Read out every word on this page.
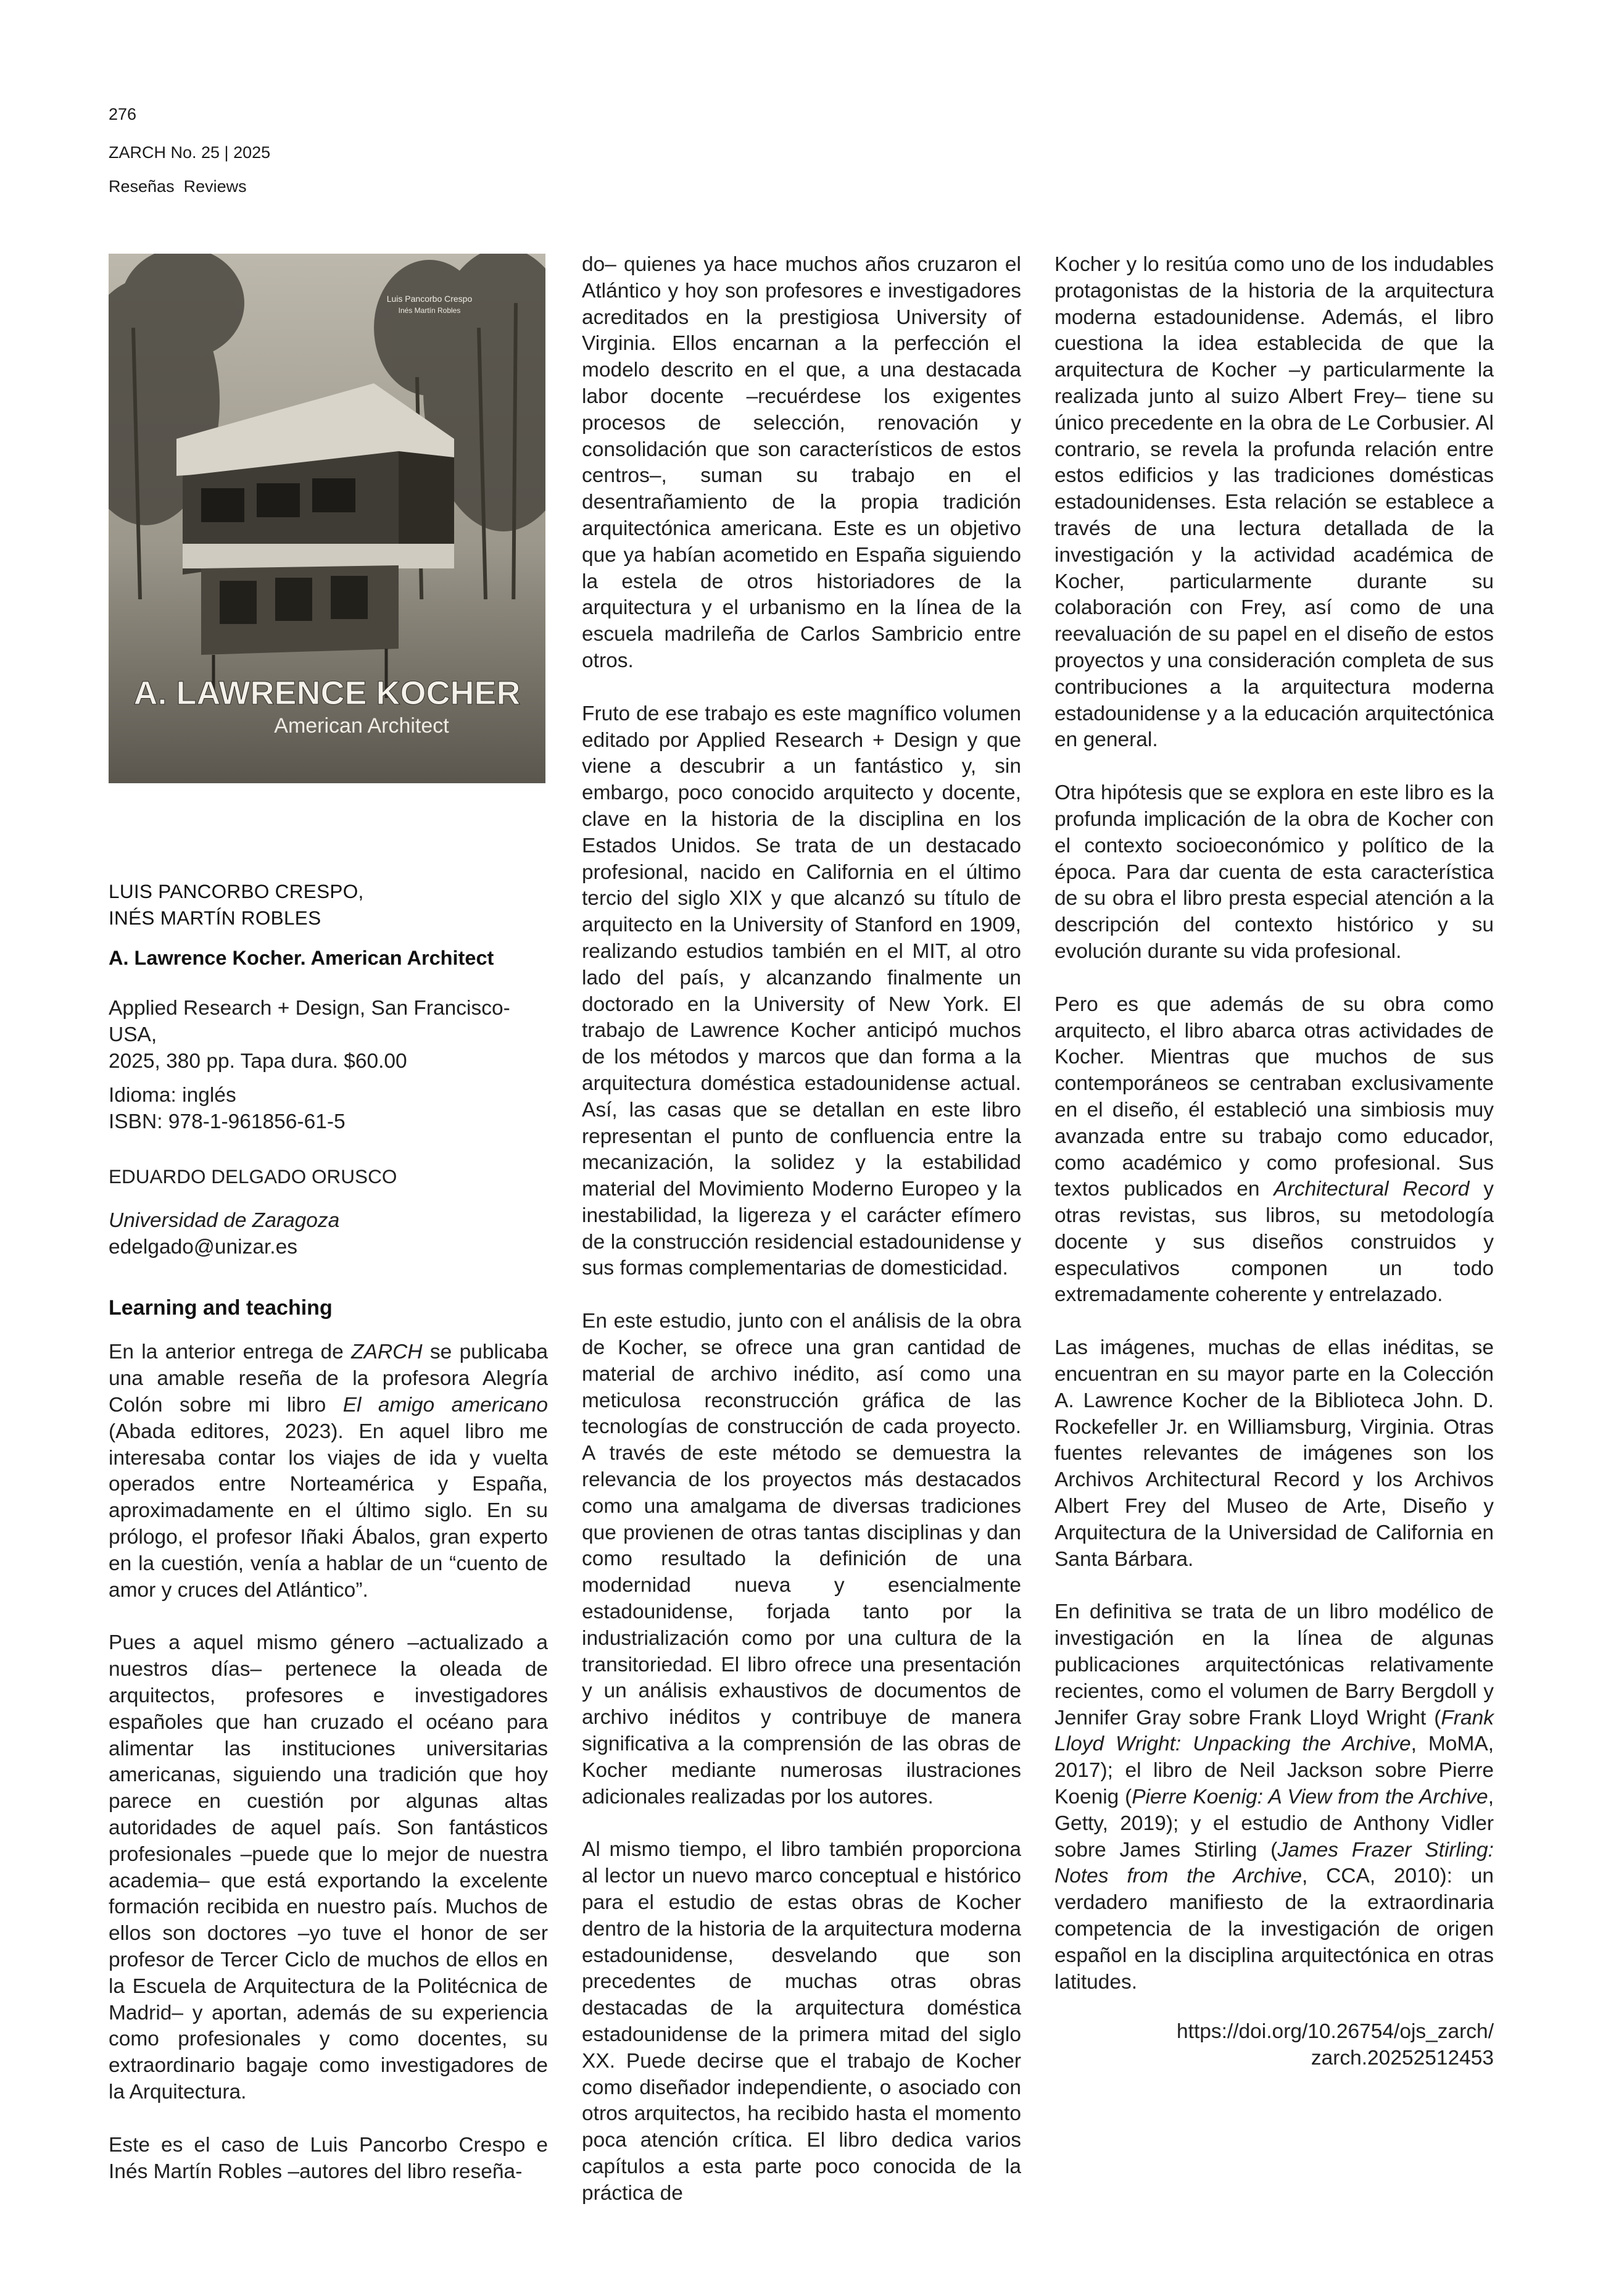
276
ZARCH No. 25 | 2025
Reseñas  Reviews
Luis Pancorbo Crespo
Inés Martín Robles
A. LAWRENCE KOCHER
American Architect
LUIS PANCORBO CRESPO,
INÉS MARTÍN ROBLES
A. Lawrence Kocher. American Architect
Applied Research + Design, San Francisco-USA,
2025, 380 pp. Tapa dura. $60.00
Idioma: inglés
ISBN: 978-1-961856-61-5
EDUARDO DELGADO ORUSCO
Universidad de Zaragoza
edelgado@unizar.es
Learning and teaching

En la anterior entrega de ZARCH se publicaba una amable reseña de la profesora Alegría Colón sobre mi libro El amigo americano (Abada editores, 2023). En aquel libro me interesaba contar los viajes de ida y vuelta operados entre Norteamérica y España, aproximadamente en el último siglo. En su prólogo, el profesor Iñaki Ábalos, gran experto en la cuestión, venía a hablar de un “cuento de amor y cruces del Atlántico”.

Pues a aquel mismo género –actualizado a nuestros días– pertenece la oleada de arquitectos, profesores e investigadores españoles que han cruzado el océano para alimentar las instituciones universitarias americanas, siguiendo una tradición que hoy parece en cuestión por algunas altas autoridades de aquel país. Son fantásticos profesionales –puede que lo mejor de nuestra academia– que está exportando la excelente formación recibida en nuestro país. Muchos de ellos son doctores –yo tuve el honor de ser profesor de Tercer Ciclo de muchos de ellos en la Escuela de Arquitectura de la Politécnica de Madrid– y aportan, además de su experiencia como profesionales y como docentes, su extraordinario bagaje como investigadores de la Arquitectura.

Este es el caso de Luis Pancorbo Crespo e Inés Martín Robles –autores del libro reseña-

do– quienes ya hace muchos años cruzaron el Atlántico y hoy son profesores e investigadores acreditados en la prestigiosa University of Virginia. Ellos encarnan a la perfección el modelo descrito en el que, a una destacada labor docente –recuérdese los exigentes procesos de selección, renovación y consolidación que son característicos de estos centros–, suman su trabajo en el desentrañamiento de la propia tradición arquitectónica americana. Este es un objetivo que ya habían acometido en España siguiendo la estela de otros historiadores de la arquitectura y el urbanismo en la línea de la escuela madrileña de Carlos Sambricio entre otros.

Fruto de ese trabajo es este magnífico volumen editado por Applied Research + Design y que viene a descubrir a un fantástico y, sin embargo, poco conocido arquitecto y docente, clave en la historia de la disciplina en los Estados Unidos. Se trata de un destacado profesional, nacido en California en el último tercio del siglo XIX y que alcanzó su título de arquitecto en la University of Stanford en 1909, realizando estudios también en el MIT, al otro lado del país, y alcanzando finalmente un doctorado en la University of New York. El trabajo de Lawrence Kocher anticipó muchos de los métodos y marcos que dan forma a la arquitectura doméstica estadounidense actual. Así, las casas que se detallan en este libro representan el punto de confluencia entre la mecanización, la solidez y la estabilidad material del Movimiento Moderno Europeo y la inestabilidad, la ligereza y el carácter efímero de la construcción residencial estadounidense y sus formas complementarias de domesticidad.

En este estudio, junto con el análisis de la obra de Kocher, se ofrece una gran cantidad de material de archivo inédito, así como una meticulosa reconstrucción gráfica de las tecnologías de construcción de cada proyecto. A través de este método se demuestra la relevancia de los proyectos más destacados como una amalgama de diversas tradiciones que provienen de otras tantas disciplinas y dan como resultado la definición de una modernidad nueva y esencialmente estadounidense, forjada tanto por la industrialización como por una cultura de la transitoriedad. El libro ofrece una presentación y un análisis exhaustivos de documentos de archivo inéditos y contribuye de manera significativa a la comprensión de las obras de Kocher mediante numerosas ilustraciones adicionales realizadas por los autores.

Al mismo tiempo, el libro también proporciona al lector un nuevo marco conceptual e histórico para el estudio de estas obras de Kocher dentro de la historia de la arquitectura moderna estadounidense, desvelando que son precedentes de muchas otras obras destacadas de la arquitectura doméstica estadounidense de la primera mitad del siglo XX. Puede decirse que el trabajo de Kocher como diseñador independiente, o asociado con otros arquitectos, ha recibido hasta el momento poca atención crítica. El libro dedica varios capítulos a esta parte poco conocida de la práctica de

Kocher y lo resitúa como uno de los indudables protagonistas de la historia de la arquitectura moderna estadounidense. Además, el libro cuestiona la idea establecida de que la arquitectura de Kocher –y particularmente la realizada junto al suizo Albert Frey– tiene su único precedente en la obra de Le Corbusier. Al contrario, se revela la profunda relación entre estos edificios y las tradiciones domésticas estadounidenses. Esta relación se establece a través de una lectura detallada de la investigación y la actividad académica de Kocher, particularmente durante su colaboración con Frey, así como de una reevaluación de su papel en el diseño de estos proyectos y una consideración completa de sus contribuciones a la arquitectura moderna estadounidense y a la educación arquitectónica en general.

Otra hipótesis que se explora en este libro es la profunda implicación de la obra de Kocher con el contexto socioeconómico y político de la época. Para dar cuenta de esta característica de su obra el libro presta especial atención a la descripción del contexto histórico y su evolución durante su vida profesional.

Pero es que además de su obra como arquitecto, el libro abarca otras actividades de Kocher. Mientras que muchos de sus contemporáneos se centraban exclusivamente en el diseño, él estableció una simbiosis muy avanzada entre su trabajo como educador, como académico y como profesional. Sus textos publicados en Architectural Record y otras revistas, sus libros, su metodología docente y sus diseños construidos y especulativos componen un todo extremadamente coherente y entrelazado.

Las imágenes, muchas de ellas inéditas, se encuentran en su mayor parte en la Colección A. Lawrence Kocher de la Biblioteca John. D. Rockefeller Jr. en Williamsburg, Virginia. Otras fuentes relevantes de imágenes son los Archivos Architectural Record y los Archivos Albert Frey del Museo de Arte, Diseño y Arquitectura de la Universidad de California en Santa Bárbara.

En definitiva se trata de un libro modélico de investigación en la línea de algunas publicaciones arquitectónicas relativamente recientes, como el volumen de Barry Bergdoll y Jennifer Gray sobre Frank Lloyd Wright (Frank Lloyd Wright: Unpacking the Archive, MoMA, 2017); el libro de Neil Jackson sobre Pierre Koenig (Pierre Koenig: A View from the Archive, Getty, 2019); y el estudio de Anthony Vidler sobre James Stirling (James Frazer Stirling: Notes from the Archive, CCA, 2010): un verdadero manifiesto de la extraordinaria competencia de la investigación de origen español en la disciplina arquitectónica en otras latitudes.

https://doi.org/10.26754/ojs_zarch/
zarch.20252512453
